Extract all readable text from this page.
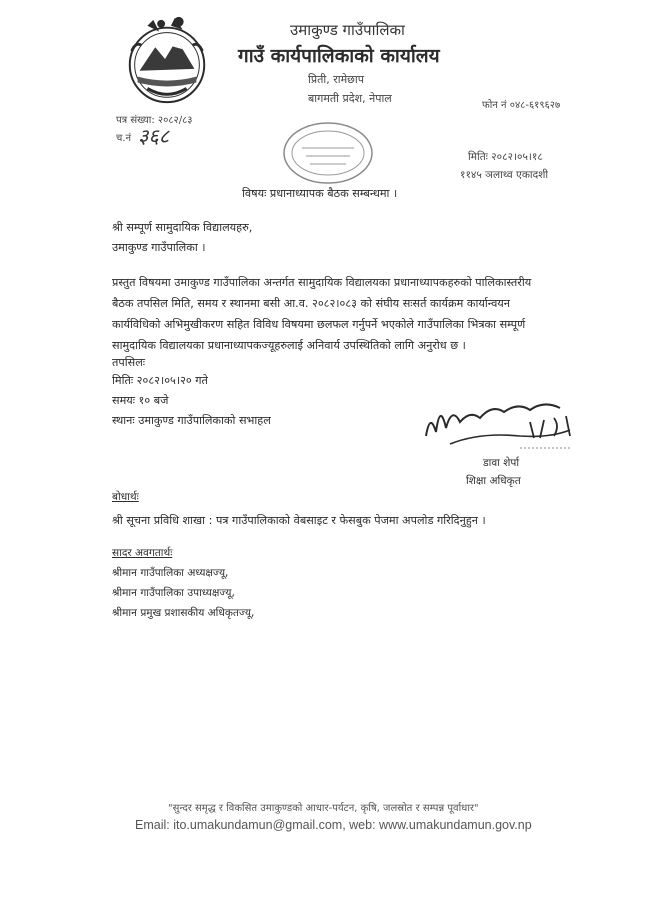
उमाकुण्ड गाउँपालिका
गाउँ कार्यपालिकाको कार्यालय
प्रिती, रामेछाप
बागमती प्रदेश, नेपाल
फोन नं ०४८-६१९६२७
पत्र संख्या: २०८२/८३
च.नं ३६८
मितिः २०८२।०५।१८
११४५ ञलाथ्व एकादशी
विषयः प्रधानाध्यापक बैठक सम्बन्धमा ।
श्री सम्पूर्ण सामुदायिक विद्यालयहरु,
उमाकुण्ड गाउँपालिका ।
प्रस्तुत विषयमा उमाकुण्ड गाउँपालिका अन्तर्गत सामुदायिक विद्यालयका प्रधानाध्यापकहरुको पालिकास्तरीय
बैठक तपसिल मिति, समय र स्थानमा बसी आ.व. २०८२।०८३ को संघीय सःसर्त कार्यक्रम कार्यान्वयन
कार्यविधिको अभिमुखीकरण सहित विविध विषयमा छलफल गर्नुपर्ने भएकोले गाउँपालिका भित्रका सम्पूर्ण
सामुदायिक विद्यालयका प्रधानाध्यापकज्यूहरुलाई अनिवार्य उपस्थितिको लागि अनुरोध छ ।
तपसिलः
मितिः २०८२।०५।२० गते
समयः १० बजे
स्थानः उमाकुण्ड गाउँपालिकाको सभाहल
डावा शेर्पा
शिक्षा अधिकृत
बोधार्थः
श्री सूचना प्रविधि शाखा : पत्र गाउँपालिकाको वेबसाइट र फेसबुक पेजमा अपलोड गरिदिनुहुन ।
सादर अवगतार्थः
श्रीमान गाउँपालिका अध्यक्षज्यू,
श्रीमान गाउँपालिका उपाध्यक्षज्यू,
श्रीमान प्रमुख प्रशासकीय अधिकृतज्यू,
"सुन्दर समृद्ध र विकसित उमाकुण्डको आधार-पर्यटन, कृषि, जलस्रोत र सम्पन्न पूर्वाधार"
Email: ito.umakundamun@gmail.com, web: www.umakundamun.gov.np
